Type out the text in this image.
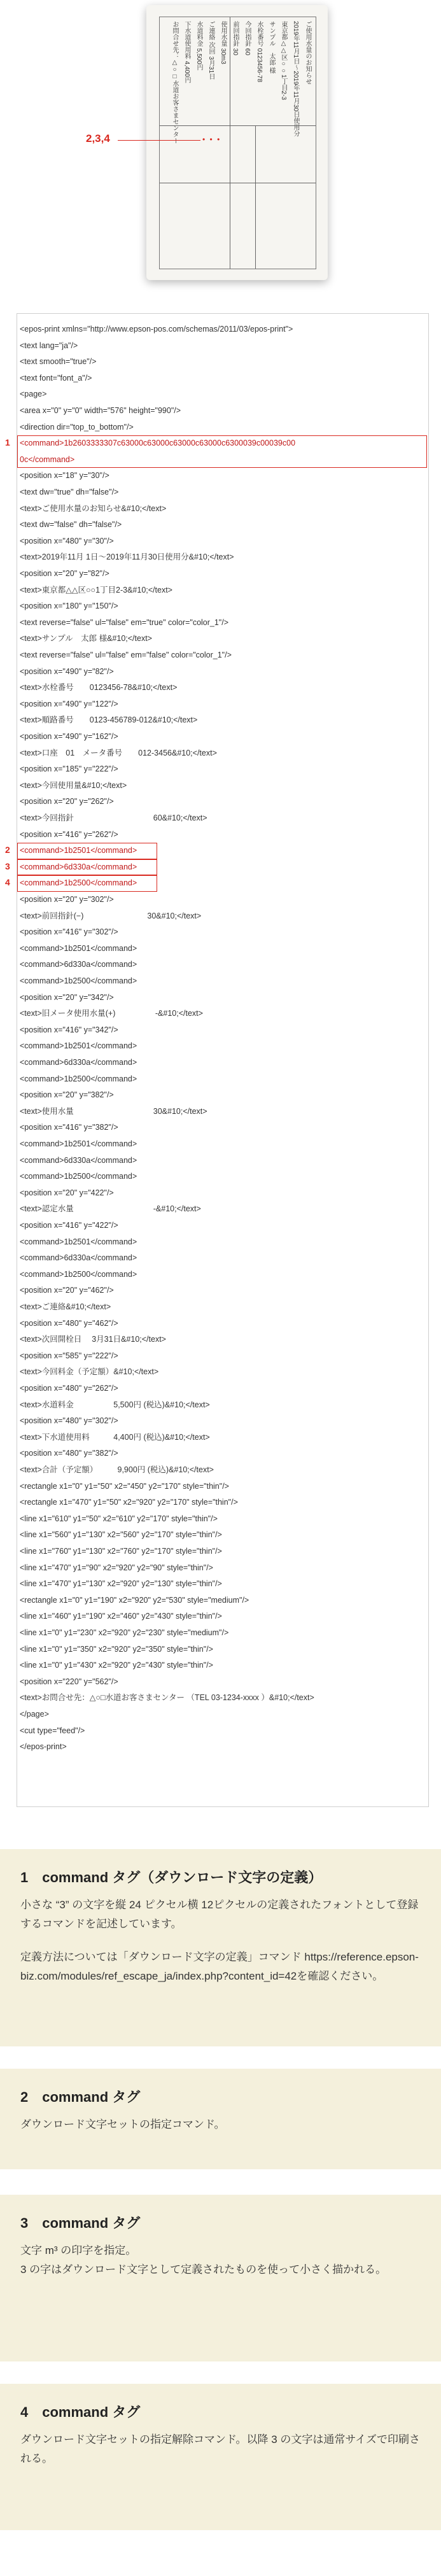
ご使用水量のお知らせ
2019年11月1日〜2019年11月30日使用分
東京都△△区○○1丁目2-3
サンプル　太郎 様
水栓番号 0123456-78
今回指針 60
前回指針 30
使用水量 30m3
ご連絡 次回 3月31日
水道料金 5,500円
下水道使用料 4,400円
お問合せ先：△○□水道お客さまセンター	• • •
2,3,4
<epos-print xmlns="http://www.epson-pos.com/schemas/2011/03/epos-print">
<text lang="ja"/>
<text smooth="true"/>
<text font="font_a"/>
<page>
<area x="0" y="0" width="576" height="990"/>
<direction dir="top_to_bottom"/>
<command>1b2603333307c63000c63000c63000c63000c6300039c00039c00
0c</command>
<position x="18" y="30"/>
<text dw="true" dh="false"/>
<text>ご使用水量のお知らせ&#10;</text>
<text dw="false" dh="false"/>
<position x="480" y="30"/>
<text>2019年11月 1日〜2019年11月30日使用分&#10;</text>
<position x="20" y="82"/>
<text>東京都△△区○○1丁目2-3&#10;</text>
<position x="180" y="150"/>
<text reverse="false" ul="false" em="true" color="color_1"/>
<text>サンプル　太郎 様&#10;</text>
<text reverse="false" ul="false" em="false" color="color_1"/>
<position x="490" y="82"/>
<text>水栓番号　　0123456-78&#10;</text>
<position x="490" y="122"/>
<text>順路番号　　0123-456789-012&#10;</text>
<position x="490" y="162"/>
<text>口座　01　メータ番号　　012-3456&#10;</text>
<position x="185" y="222"/>
<text>今回使用量&#10;</text>
<position x="20" y="262"/>
<text>今回指針　　　　　　　　　　60&#10;</text>
<position x="416" y="262"/>
<command>1b2501</command>
<command>6d330a</command>
<command>1b2500</command>
<position x="20" y="302"/>
<text>前回指針(−)　　　　　　　　30&#10;</text>
<position x="416" y="302"/>
<command>1b2501</command>
<command>6d330a</command>
<command>1b2500</command>
<position x="20" y="342"/>
<text>旧メータ使用水量(+)　　　　　-&#10;</text>
<position x="416" y="342"/>
<command>1b2501</command>
<command>6d330a</command>
<command>1b2500</command>
<position x="20" y="382"/>
<text>使用水量　　　　　　　　　　30&#10;</text>
<position x="416" y="382"/>
<command>1b2501</command>
<command>6d330a</command>
<command>1b2500</command>
<position x="20" y="422"/>
<text>認定水量　　　　　　　　　　-&#10;</text>
<position x="416" y="422"/>
<command>1b2501</command>
<command>6d330a</command>
<command>1b2500</command>
<position x="20" y="462"/>
<text>ご連絡&#10;</text>
<position x="480" y="462"/>
<text>次回開栓日　 3月31日&#10;</text>
<position x="585" y="222"/>
<text>今回料金（予定額）&#10;</text>
<position x="480" y="262"/>
<text>水道料金　　　　　5,500円 (税込)&#10;</text>
<position x="480" y="302"/>
<text>下水道使用料　　　4,400円 (税込)&#10;</text>
<position x="480" y="382"/>
<text>合計（予定額）　　　9,900円 (税込)&#10;</text>
<rectangle x1="0" y1="50" x2="450" y2="170" style="thin"/>
<rectangle x1="470" y1="50" x2="920" y2="170" style="thin"/>
<line x1="610" y1="50" x2="610" y2="170" style="thin"/>
<line x1="560" y1="130" x2="560" y2="170" style="thin"/>
<line x1="760" y1="130" x2="760" y2="170" style="thin"/>
<line x1="470" y1="90" x2="920" y2="90" style="thin"/>
<line x1="470" y1="130" x2="920" y2="130" style="thin"/>
<rectangle x1="0" y1="190" x2="920" y2="530" style="medium"/>
<line x1="460" y1="190" x2="460" y2="430" style="thin"/>
<line x1="0" y1="230" x2="920" y2="230" style="medium"/>
<line x1="0" y1="350" x2="920" y2="350" style="thin"/>
<line x1="0" y1="430" x2="920" y2="430" style="thin"/>
<position x="220" y="562"/>
<text>お問合せ先：△○□水道お客さまセンター （TEL 03-1234-xxxx ）&#10;</text>
</page>
<cut type="feed"/>
</epos-print>
1　command タグ（ダウンロード文字の定義）

小さな “3” の文字を縦 24 ピクセル横 12ピクセルの定義されたフォントとして登録するコマンドを記述しています。

定義方法については「ダウンロード文字の定義」コマンド https://reference.epson-biz.com/modules/ref_escape_ja/index.php?content_id=42を確認ください。

2　command タグ

ダウンロード文字セットの指定コマンド。

3　command タグ

文字 m³ の印字を指定。
3 の字はダウンロード文字として定義されたものを使って小さく描かれる。

4　command タグ

ダウンロード文字セットの指定解除コマンド。以降 3 の文字は通常サイズで印刷される。

1
2
3
4
